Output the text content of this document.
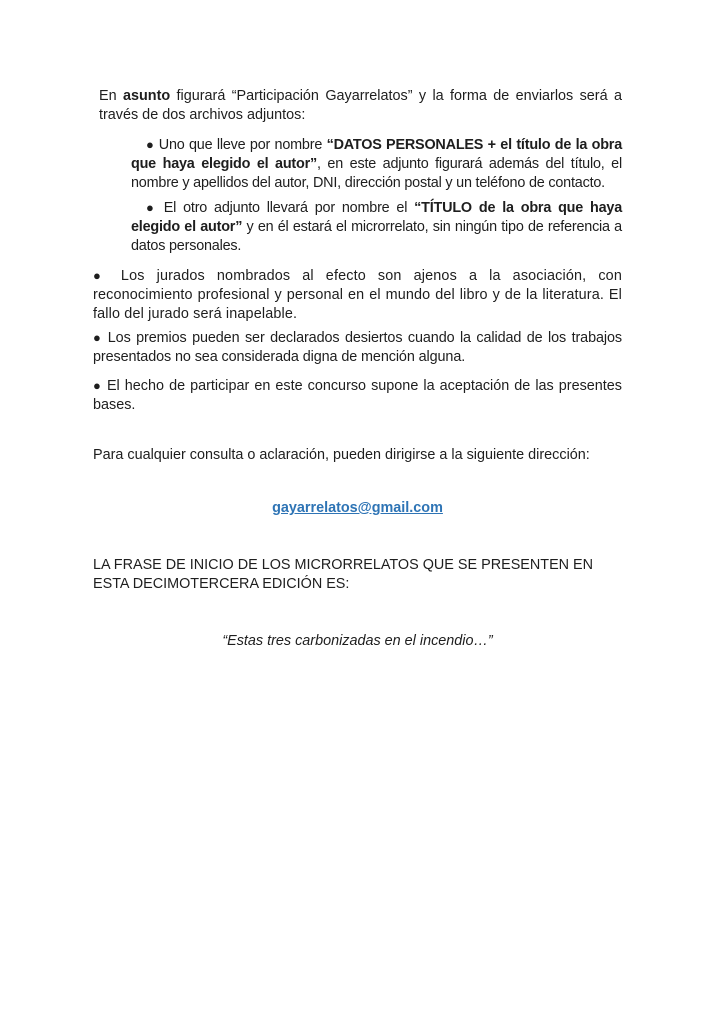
En asunto figurará “Participación Gayarrelatos” y la forma de enviarlos será a través de dos archivos adjuntos:

● Uno que lleve por nombre “DATOS PERSONALES + el título de la obra que haya elegido el autor”, en este adjunto figurará además del título, el nombre y apellidos del autor, DNI, dirección postal y un teléfono de contacto.

● El otro adjunto llevará por nombre el “TÍTULO de la obra que haya elegido el autor” y en él estará el microrrelato, sin ningún tipo de referencia a datos personales.

● Los jurados nombrados al efecto son ajenos a la asociación, con reconocimiento profesional y personal en el mundo del libro y de la literatura. El fallo del jurado será inapelable.

● Los premios pueden ser declarados desiertos cuando la calidad de los trabajos presentados no sea considerada digna de mención alguna.

● El hecho de participar en este concurso supone la aceptación de las presentes bases.

Para cualquier consulta o aclaración, pueden dirigirse a la siguiente dirección:

gayarrelatos@gmail.com

LA FRASE DE INICIO DE LOS MICRORRELATOS QUE SE PRESENTEN EN ESTA DECIMOTERCERA EDICIÓN ES:

“Estas tres carbonizadas en el incendio…”
